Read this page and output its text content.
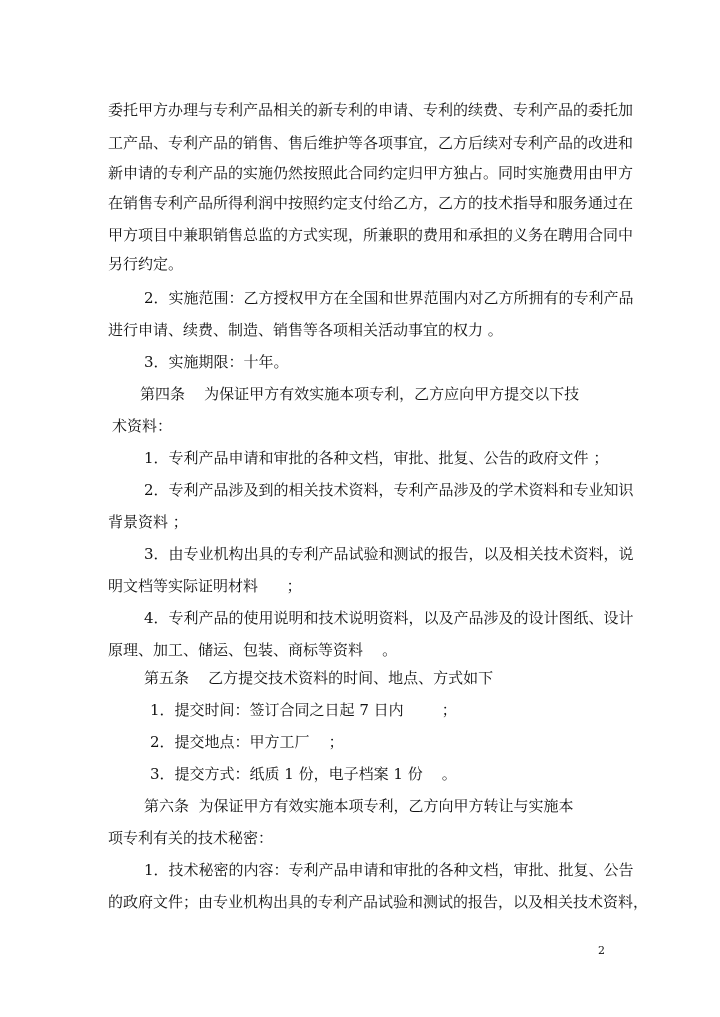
委托甲方办理与专利产品相关的新专利的申请、专利的续费、专利产品的委托加
工产品、专利产品的销售、售后维护等各项事宜，乙方后续对专利产品的改进和
新申请的专利产品的实施仍然按照此合同约定归甲方独占。同时实施费用由甲方
在销售专利产品所得利润中按照约定支付给乙方，乙方的技术指导和服务通过在
甲方项目中兼职销售总监的方式实现，所兼职的费用和承担的义务在聘用合同中
另行约定。
2．实施范围：乙方授权甲方在全国和世界范围内对乙方所拥有的专利产品
进行申请、续费、制造、销售等各项相关活动事宜的权力 。
3．实施期限：十年。
第四条    为保证甲方有效实施本项专利，乙方应向甲方提交以下技
术资料：
1．专利产品申请和审批的各种文档，审批、批复、公告的政府文件 ；
2．专利产品涉及到的相关技术资料，专利产品涉及的学术资料和专业知识
背景资料 ；
3．由专业机构出具的专利产品试验和测试的报告，以及相关技术资料，说
明文档等实际证明材料      ；
4．专利产品的使用说明和技术说明资料，以及产品涉及的设计图纸、设计
原理、加工、储运、包装、商标等资料    。
第五条    乙方提交技术资料的时间、地点、方式如下
1．提交时间：签订合同之日起 7 日内        ；
2．提交地点：甲方工厂    ；
3．提交方式：纸质 1 份，电子档案 1 份    。
第六条  为保证甲方有效实施本项专利，乙方向甲方转让与实施本
项专利有关的技术秘密：
1．技术秘密的内容：专利产品申请和审批的各种文档，审批、批复、公告
的政府文件；由专业机构出具的专利产品试验和测试的报告，以及相关技术资料，
2
